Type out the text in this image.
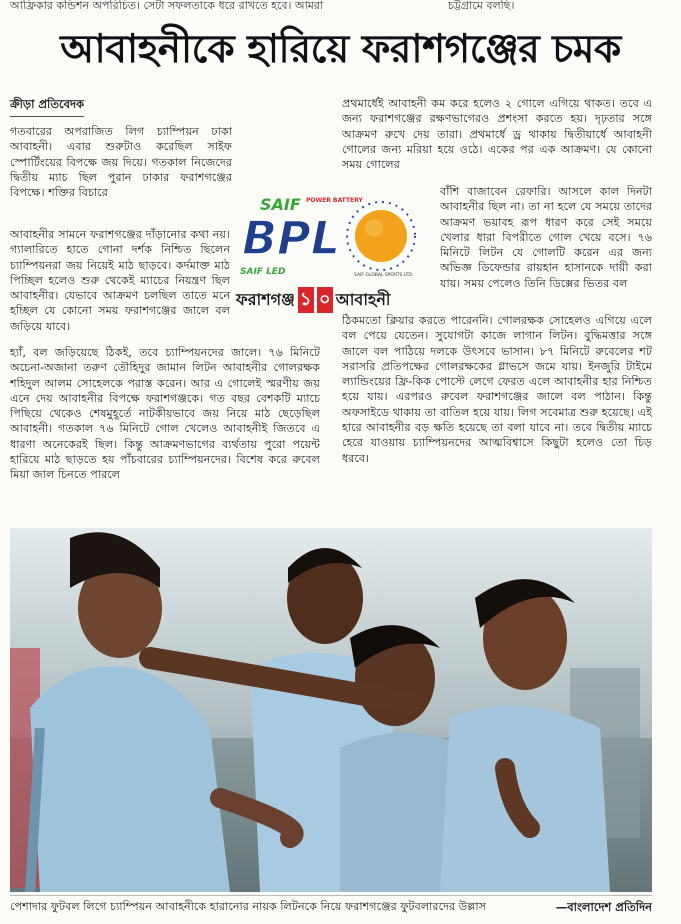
আফ্রিকার কন্ডিশন অপরিচিত। সেটা সফলতাকে ধরে রাখতে হবে। আমরা	চট্টগ্রামে বলছি।
আবাহনীকে হারিয়ে ফরাশগঞ্জের চমক
ক্রীড়া প্রতিবেদক

গতবারের অপরাজিত লিগ চ্যাম্পিয়ন ঢাকা আবাহনী। এবার শুরুটাও করেছিল সাইফ স্পোর্টিংয়ের বিপক্ষে জয় দিয়ে। গতকাল নিজেদের দ্বিতীয় ম্যাচ ছিল পুরান ঢাকার ফরাশগঞ্জের বিপক্ষে। শক্তির বিচারে

আবাহনীর সামনে ফরাশগঞ্জের দাঁড়ানোর কথা নয়। গ্যালারিতে হাতে গোনা দর্শক নিশ্চিত ছিলেন চ্যাম্পিয়নরা জয় নিয়েই মাঠ ছাড়বে। কর্দমাক্ত মাঠ পিচ্ছিল হলেও শুরু থেকেই ম্যাচের নিয়ন্ত্রণ ছিল আবাহনীর। যেভাবে আক্রমণ চলছিল তাতে মনে হচ্ছিল যে কোনো সময় ফরাশগঞ্জের জালে বল জড়িয়ে যাবে।

হ্যাঁ, বল জড়িয়েছে ঠিকই, তবে চ্যাম্পিয়নদের জালে। ৭৬ মিনিটে অচেনা-অজানা তরুণ তৌহিদুর জামান লিটন আবাহনীর গোলরক্ষক শহিদুল আলম সোহেলকে পরাস্ত করেন। আর এ গোলেই স্মরণীয় জয় এনে দেয় আবাহনীর বিপক্ষে ফরাশগঞ্জকে। গত বছর বেশকটি ম্যাচে পিছিয়ে থেকেও শেষমুহূর্তে নাটকীয়ভাবে জয় নিয়ে মাঠ ছেড়েছিল আবাহনী। গতকাল ৭৬ মিনিটে গোল খেলেও আবাহনীই জিতবে এ ধারণা অনেকেরই ছিল। কিন্তু আক্রমণভাগের ব্যর্থতায় পুরো পয়েন্ট হারিয়ে মাঠ ছাড়তে হয় পাঁচবারের চ্যাম্পিয়নদের। বিশেষ করে রুবেল মিয়া জাল চিনতে পারলে

প্রথমার্ধেই আবাহনী কম করে হলেও ২ গোলে এগিয়ে থাকত। তবে এ জন্য ফরাশগঞ্জের রক্ষণভাগেরও প্রশংসা করতে হয়। দৃঢ়তার সঙ্গে আক্রমণ রুখে দেয় তারা। প্রথমার্ধে ড্র থাকায় দ্বিতীয়ার্ধে আবাহনী গোলের জন্য মরিয়া হয়ে ওঠে। একের পর এক আক্রমণ। যে কোনো সময় গোলের

বাঁশি বাজাবেন রেফারি। আসলে কাল দিনটা আবাহনীর ছিল না। তা না হলে যে সময়ে তাদের আক্রমণ ভয়াবহ রূপ ধারণ করে সেই সময়ে খেলার ধারা বিপরীতে গোল খেয়ে বসে। ৭৬ মিনিটে লিটন যে গোলটি করেন এর জন্য অভিজ্ঞ ডিফেন্ডার রায়হান হাসানকে দায়ী করা যায়। সময় পেলেও তিনি ডিক্সের ভিতর বল

ঠিকমতো ক্লিয়ার করতে পারেননি। গোলরক্ষক সোহেলও এগিয়ে এলে বল পেয়ে যেতেন। সুযোগটা কাজে লাগান লিটন। বুদ্ধিমত্তার সঙ্গে জালে বল পাঠিয়ে দলকে উৎসবে ভাসান। ৮৭ মিনিটে রুবেলের শট সরাসরি প্রতিপক্ষের গোলরক্ষকের গ্লাভসে জমে যায়। ইনজুরি টাইমে ল্যান্ডিংয়ের ফ্রি-কিক পোস্টে লেগে ফেরত এলে আবাহনীর হার নিশ্চিত হয়ে যায়। এরপরও রুবেল ফরাশগঞ্জের জালে বল পাঠান। কিন্তু অফসাইডে থাকায় তা বাতিল হয়ে যায়। লিগ সবেমাত্র শুরু হয়েছে। এই হারে আবাহনীর বড় ক্ষতি হয়েছে তা বলা যাবে না। তবে দ্বিতীয় ম্যাচে হেরে যাওয়ায় চ্যাম্পিয়নদের আত্মবিশ্বাসে কিছুটা হলেও তো চিড় ধরবে।

BPL
SAIF POWER BATTERY
SAIF LED	SAIF GLOBAL SPORTS LTD.
ফরাশগঞ্জ ১ ০ আবাহনী
পেশাদার ফুটবল লিগে চ্যাম্পিয়ন আবাহনীকে হারানোর নায়ক লিটনকে নিয়ে ফরাশগঞ্জের ফুটবলারদের উল্লাস	—বাংলাদেশ প্রতিদিন
